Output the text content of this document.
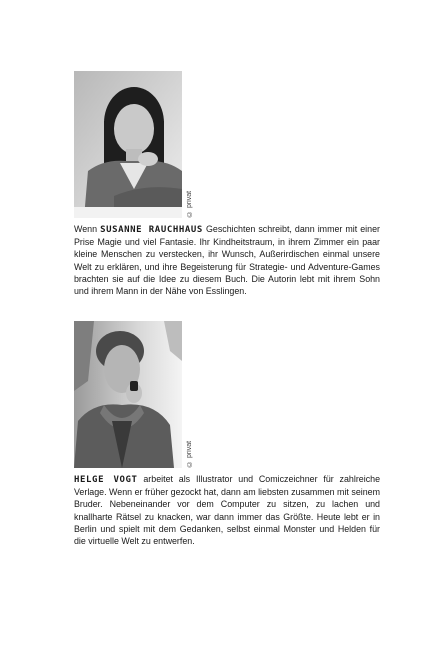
© privat

Wenn SUSANNE RAUCHHAUS Geschichten schreibt, dann immer mit einer Prise Magie und viel Fantasie. Ihr Kindheitstraum, in ihrem Zimmer ein paar kleine Menschen zu verstecken, ihr Wunsch, Außerirdischen einmal unsere Welt zu erklären, und ihre Begeisterung für Strategie- und Adventure-Games brachten sie auf die Idee zu diesem Buch. Die Autorin lebt mit ihrem Sohn und ihrem Mann in der Nähe von Esslingen.

© privat

HELGE VOGT arbeitet als Illustrator und Comiczeichner für zahlreiche Verlage. Wenn er früher gezockt hat, dann am liebsten zusammen mit seinem Bruder. Nebeneinander vor dem Computer zu sitzen, zu lachen und knallharte Rätsel zu knacken, war dann immer das Größte. Heute lebt er in Berlin und spielt mit dem Gedanken, selbst einmal Monster und Helden für die virtuelle Welt zu entwerfen.
